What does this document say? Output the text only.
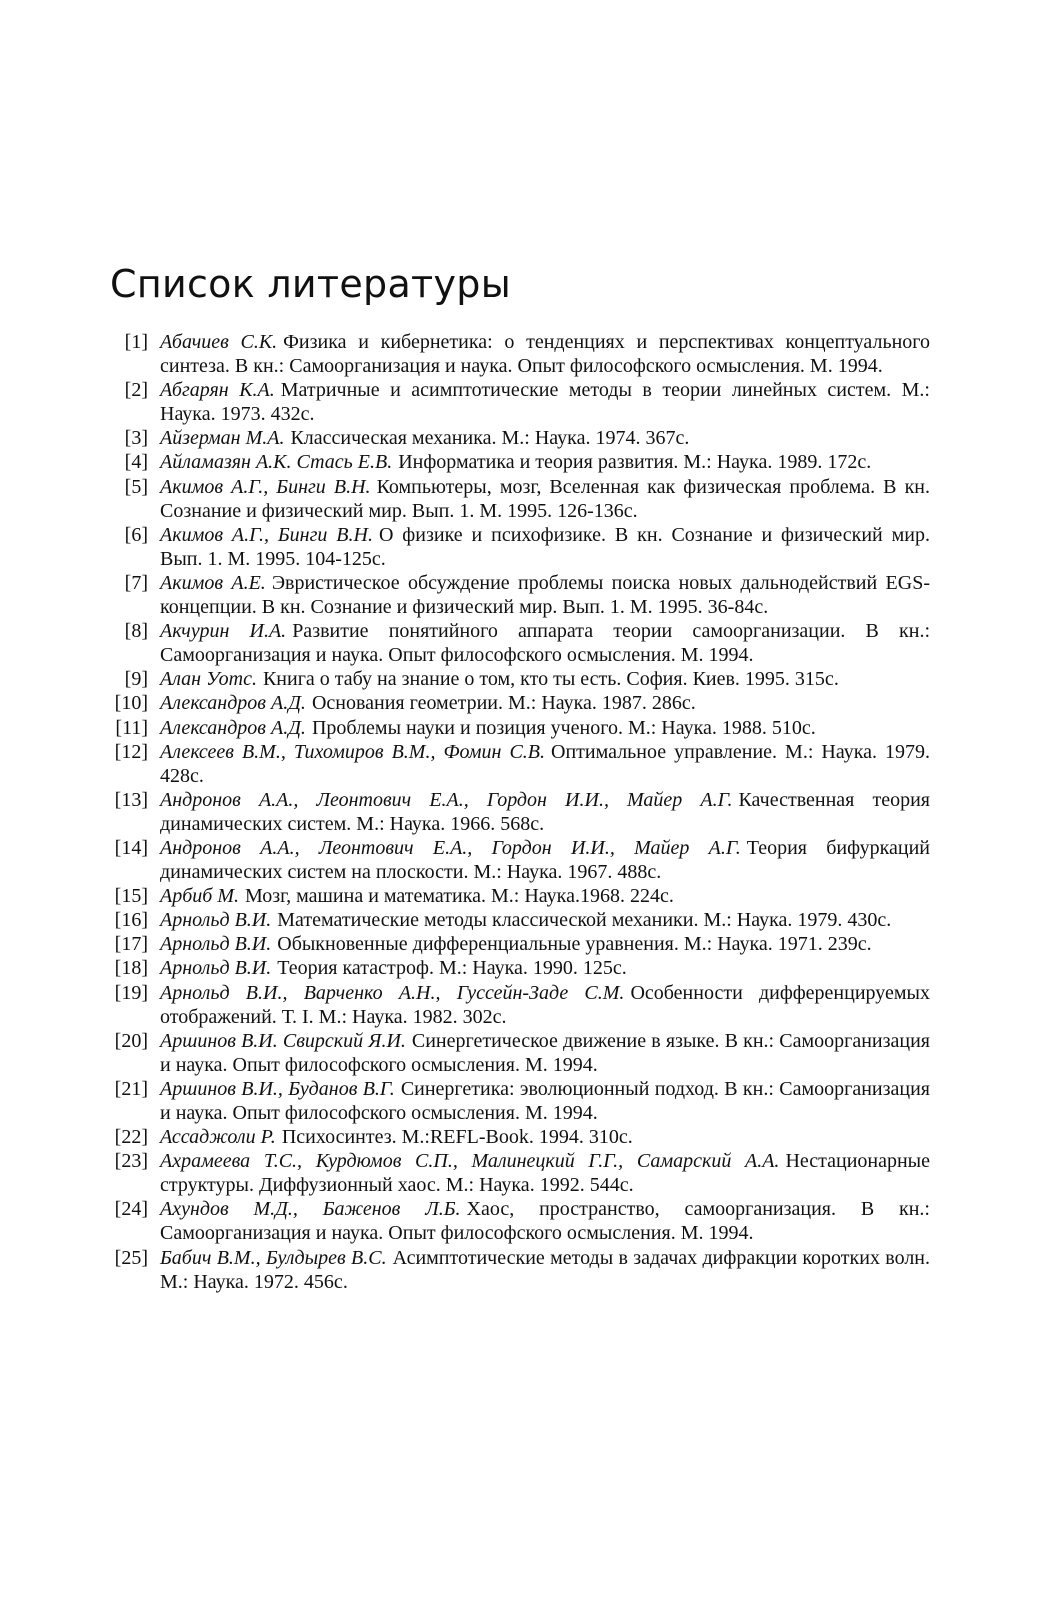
Список литературы
[1] Абачиев С.К. Физика и кибернетика: о тенденциях и перспективах концептуального синтеза. В кн.: Самоорганизация и наука. Опыт философского осмысления. М. 1994.
[2] Абгарян К.А. Матричные и асимптотические методы в теории линейных систем. М.: Наука. 1973. 432с.
[3] Айзерман М.А. Классическая механика. М.: Наука. 1974. 367с.
[4] Айламазян А.К. Стась Е.В. Информатика и теория развития. М.: Наука. 1989. 172с.
[5] Акимов А.Г., Бинги В.Н. Компьютеры, мозг, Вселенная как физическая проблема. В кн. Сознание и физический мир. Вып. 1. М. 1995. 126-136с.
[6] Акимов А.Г., Бинги В.Н. О физике и психофизике. В кн. Сознание и физический мир. Вып. 1. М. 1995. 104-125с.
[7] Акимов А.Е. Эвристическое обсуждение проблемы поиска новых дальнодействий EGS-концепции. В кн. Сознание и физический мир. Вып. 1. М. 1995. 36-84с.
[8] Акчурин И.А. Развитие понятийного аппарата теории самоорганизации. В кн.: Самоорганизация и наука. Опыт философского осмысления. М. 1994.
[9] Алан Уотс. Книга о табу на знание о том, кто ты есть. София. Киев. 1995. 315с.
[10] Александров А.Д. Основания геометрии. М.: Наука. 1987. 286с.
[11] Александров А.Д. Проблемы науки и позиция ученого. М.: Наука. 1988. 510с.
[12] Алексеев В.М., Тихомиров В.М., Фомин С.В. Оптимальное управление. М.: Наука. 1979. 428с.
[13] Андронов А.А., Леонтович Е.А., Гордон И.И., Майер А.Г. Качественная теория динамических систем. М.: Наука. 1966. 568с.
[14] Андронов А.А., Леонтович Е.А., Гордон И.И., Майер А.Г. Теория бифуркаций динамических систем на плоскости. М.: Наука. 1967. 488с.
[15] Арбиб М. Мозг, машина и математика. М.: Наука.1968. 224с.
[16] Арнольд В.И. Математические методы классической механики. М.: Наука. 1979. 430с.
[17] Арнольд В.И. Обыкновенные дифференциальные уравнения. М.: Наука. 1971. 239с.
[18] Арнольд В.И. Теория катастроф. М.: Наука. 1990. 125с.
[19] Арнольд В.И., Варченко А.Н., Гуссейн-Заде С.М. Особенности дифференцируемых отображений. Т. I. М.: Наука. 1982. 302с.
[20] Аршинов В.И. Свирский Я.И. Синергетическое движение в языке. В кн.: Самоорганизация и наука. Опыт философского осмысления. М. 1994.
[21] Аршинов В.И., Буданов В.Г. Синергетика: эволюционный подход. В кн.: Самоорганизация и наука. Опыт философского осмысления. М. 1994.
[22] Ассаджоли Р. Психосинтез. М.:REFL-Book. 1994. 310с.
[23] Ахрамеева Т.С., Курдюмов С.П., Малинецкий Г.Г., Самарский А.А. Нестационарные структуры. Диффузионный хаос. М.: Наука. 1992. 544с.
[24] Ахундов М.Д., Баженов Л.Б. Хаос, пространство, самоорганизация. В кн.: Самоорганизация и наука. Опыт философского осмысления. М. 1994.
[25] Бабич В.М., Булдырев В.С. Асимптотические методы в задачах дифракции коротких волн. М.: Наука. 1972. 456с.
